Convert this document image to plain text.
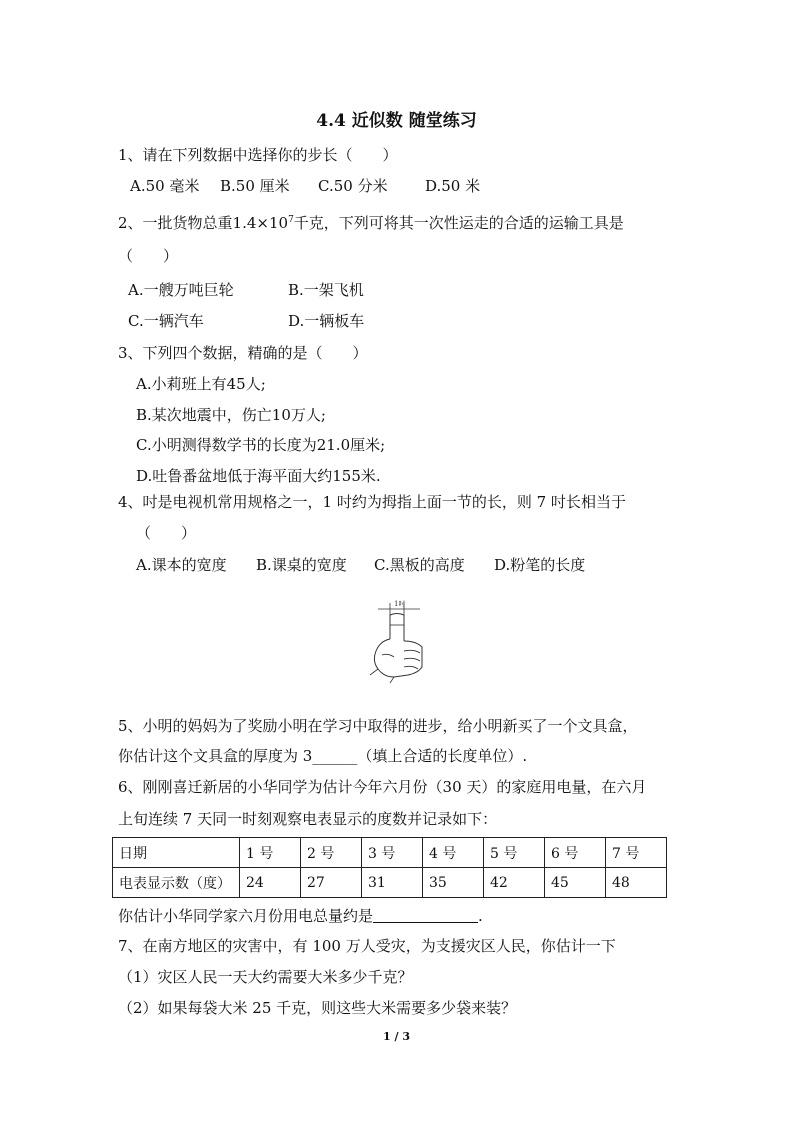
4.4 近似数 随堂练习
1、请在下列数据中选择你的步长（　　）
A.50 毫米 B.50 厘米 C.50 分米 D.50 米
2、一批货物总重$1.4\times 10^7$千克，下列可将其一次性运走的合适的运输工具是
（　　）
A.一艘万吨巨轮	B.一架飞机
C.一辆汽车	D.一辆板车
3、下列四个数据，精确的是（　　）
A.小莉班上有45人;
B.某次地震中，伤亡10万人;
C.小明测得数学书的长度为21.0厘米;
D.吐鲁番盆地低于海平面大约155米.
4、吋是电视机常用规格之一，1 吋约为拇指上面一节的长，则 7 吋长相当于
（　　）
A.课本的宽度 B.课桌的宽度 C.黑板的高度 D.粉笔的长度
1吋
5、小明的妈妈为了奖励小明在学习中取得的进步，给小明新买了一个文具盒，
你估计这个文具盒的厚度为 3______（填上合适的长度单位）.
6、刚刚喜迁新居的小华同学为估计今年六月份（30 天）的家庭用电量，在六月
上旬连续 7 天同一时刻观察电表显示的度数并记录如下：
日期	1 号	2 号	3 号	4 号	5 号	6 号	7 号
电表显示数（度）	24	27	31	35	42	45	48
你估计小华同学家六月份用电总量约是	.
7、在南方地区的灾害中，有 100 万人受灾，为支援灾区人民，你估计一下
（1）灾区人民一天大约需要大米多少千克？
（2）如果每袋大米 25 千克，则这些大米需要多少袋来装？
1 / 3
